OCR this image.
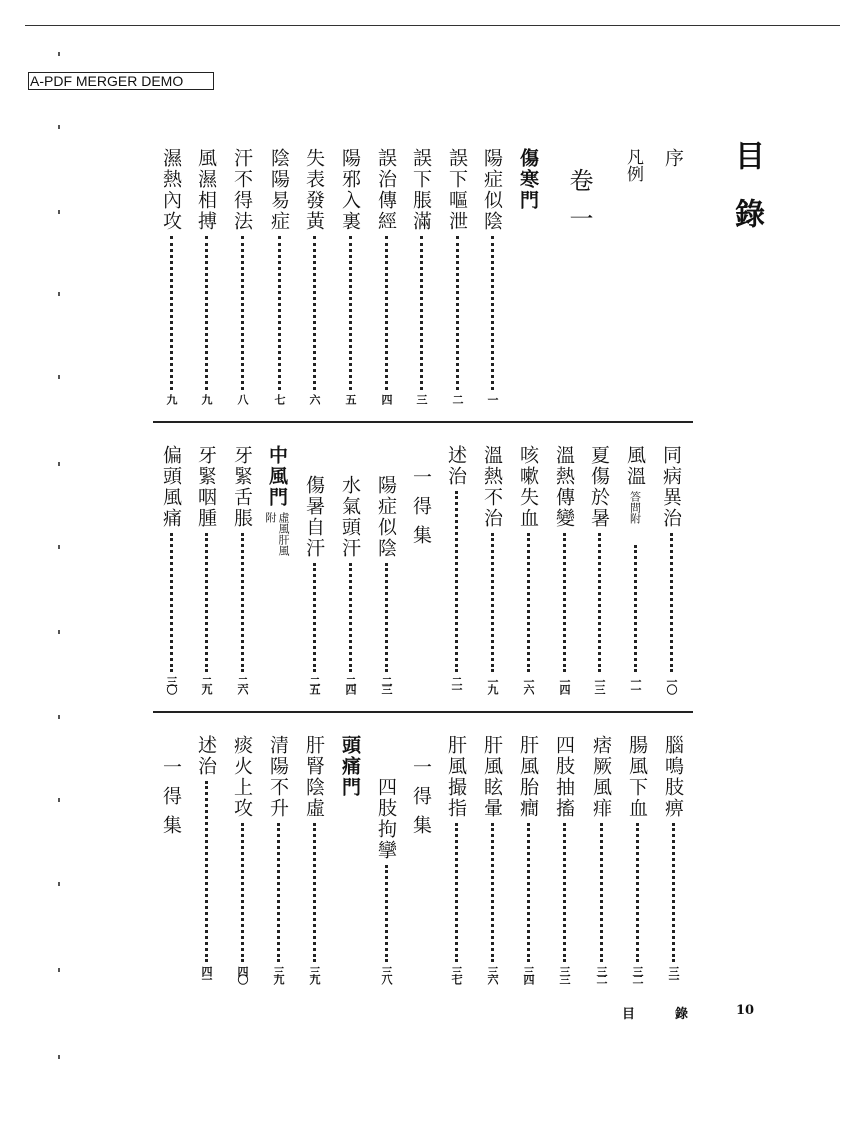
A-PDF MERGER DEMO
目錄
序
凡例
卷一
傷寒門
陽症似陰
一
誤下嘔泄
二
誤下脹滿
三
誤治傳經
四
陽邪入裏
五
失表發黃
六
陰陽易症
七
汗不得法
八
風濕相搏
九
濕熱內攻
九
同病異治
一〇
風溫
答問附
一一
夏傷於暑
一三
溫熱傳變
一四
咳嗽失血
一六
溫熱不治
一九
述治
二一
一得集
陽症似陰
二三
水氣頭汗
二四
傷暑自汗
二五
中風門
虛風肝風附
牙緊舌脹
二六
牙緊咽腫
二九
偏頭風痛
三〇
腦鳴肢痹
三一
腸風下血
三二
痞厥風痱
三二
四肢抽搐
三三
肝風胎癎
三四
肝風眩暈
三六
肝風撮指
三七
一得集
四肢拘攣
三八
頭痛門
肝腎陰虛
三九
清陽不升
三九
痰火上攻
四〇
述治
四一
一得集
目	錄	10
